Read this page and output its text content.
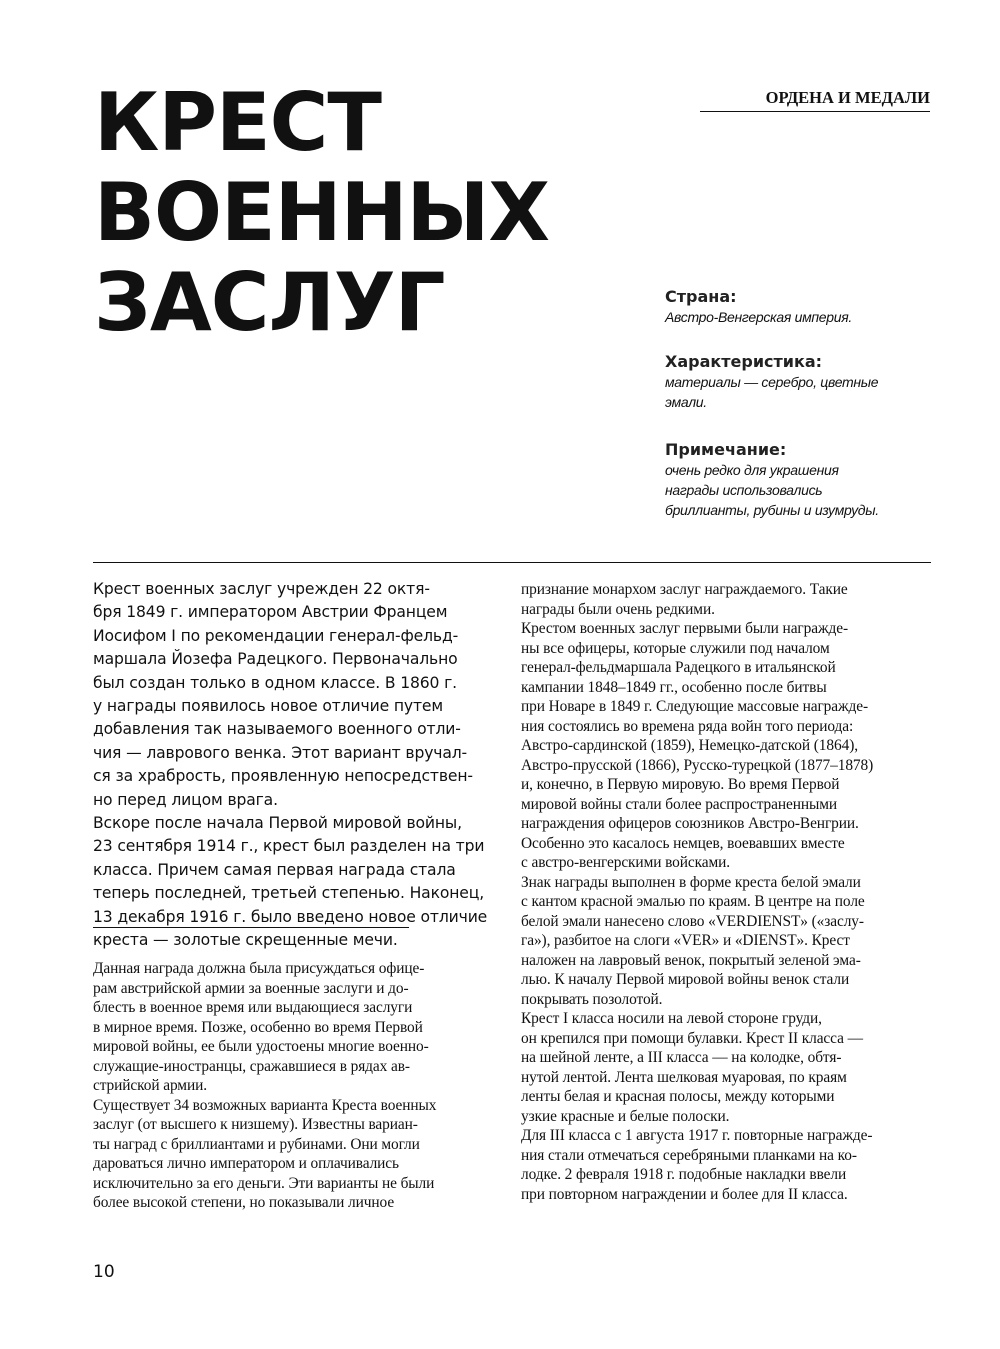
КРЕСТ
ВОЕННЫХ
ЗАСЛУГ
ОРДЕНА И МЕДАЛИ
Страна:
Австро-Венгерская империя.
Характеристика:
материалы — серебро, цветные
эмали.
Примечание:
очень редко для украшения
награды использовались
бриллианты, рубины и изумруды.
Крест военных заслуг учрежден 22 октя-
бря 1849 г. императором Австрии Францем
Иосифом I по рекомендации генерал-фельд-
маршала Йозефа Радецкого. Первоначально
был создан только в одном классе. В 1860 г.
у награды появилось новое отличие путем
добавления так называемого военного отли-
чия — лаврового венка. Этот вариант вручал-
ся за храбрость, проявленную непосредствен-
но перед лицом врага.
Вскоре после начала Первой мировой войны,
23 сентября 1914 г., крест был разделен на три
класса. Причем самая первая награда стала
теперь последней, третьей степенью. Наконец,
13 декабря 1916 г. было введено новое отличие
креста — золотые скрещенные мечи.
Данная награда должна была присуждаться офице-
рам австрийской армии за военные заслуги и до-
блесть в военное время или выдающиеся заслуги
в мирное время. Позже, особенно во время Первой
мировой войны, ее были удостоены многие военно-
служащие-иностранцы, сражавшиеся в рядах ав-
стрийской армии.
Существует 34 возможных варианта Креста военных
заслуг (от высшего к низшему). Известны вариан-
ты наград с бриллиантами и рубинами. Они могли
дароваться лично императором и оплачивались
исключительно за его деньги. Эти варианты не были
более высокой степени, но показывали личное
признание монархом заслуг награждаемого. Такие
награды были очень редкими.
Крестом военных заслуг первыми были награжде-
ны все офицеры, которые служили под началом
генерал-фельдмаршала Радецкого в итальянской
кампании 1848–1849 гг., особенно после битвы
при Новаре в 1849 г. Следующие массовые награжде-
ния состоялись во времена ряда войн того периода:
Австро-сардинской (1859), Немецко-датской (1864),
Австро-прусской (1866), Русско-турецкой (1877–1878)
и, конечно, в Первую мировую. Во время Первой
мировой войны стали более распространенными
награждения офицеров союзников Австро-Венгрии.
Особенно это касалось немцев, воевавших вместе
с австро-венгерскими войсками.
Знак награды выполнен в форме креста белой эмали
с кантом красной эмалью по краям. В центре на поле
белой эмали нанесено слово «VERDIENST» («заслу-
га»), разбитое на слоги «VER» и «DIENST». Крест
наложен на лавровый венок, покрытый зеленой эма-
лью. К началу Первой мировой войны венок стали
покрывать позолотой.
Крест I класса носили на левой стороне груди,
он крепился при помощи булавки. Крест II класса —
на шейной ленте, а III класса — на колодке, обтя-
нутой лентой. Лента шелковая муаровая, по краям
ленты белая и красная полосы, между которыми
узкие красные и белые полоски.
Для III класса с 1 августа 1917 г. повторные награжде-
ния стали отмечаться серебряными планками на ко-
лодке. 2 февраля 1918 г. подобные накладки ввели
при повторном награждении и более для II класса.
10
